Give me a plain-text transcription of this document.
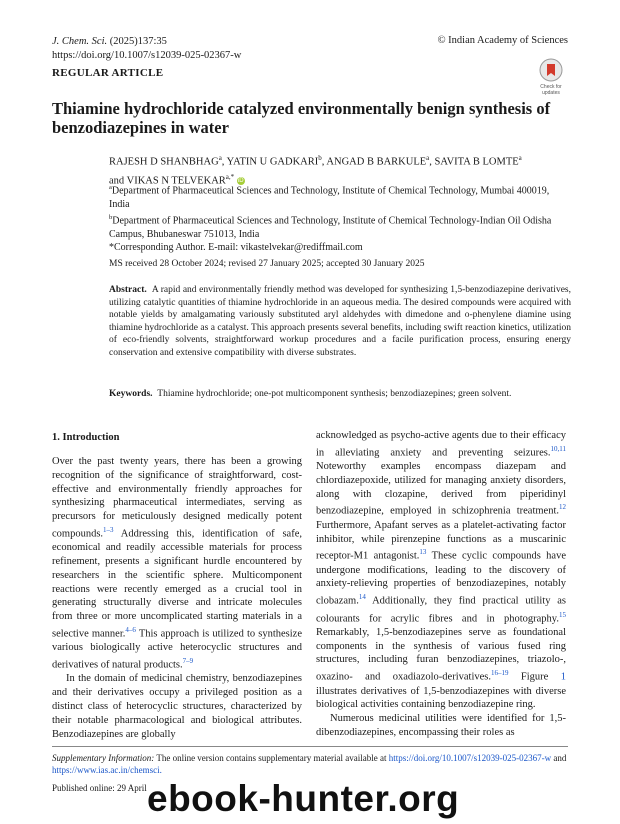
J. Chem. Sci. (2025)137:35
https://doi.org/10.1007/s12039-025-02367-w
© Indian Academy of Sciences
REGULAR ARTICLE
Check for updates
Thiamine hydrochloride catalyzed environmentally benign synthesis of benzodiazepines in water
RAJESH D SHANBHAG$^a$, YATIN U GADKARI$^b$, ANGAD B BARKULE$^a$, SAVITA B LOMTE$^a$
and VIKAS N $TELVEKAR^{a,*}$ iD
$^a$Department of Pharmaceutical Sciences and Technology, Institute of Chemical Technology, Mumbai 400019, India
$^b$Department of Pharmaceutical Sciences and Technology, Institute of Chemical Technology-Indian Oil Odisha Campus, Bhubaneswar 751013, India
*Corresponding Author. E-mail: vikastelvekar@rediffmail.com
MS received 28 October 2024; revised 27 January 2025; accepted 30 January 2025
Abstract. A rapid and environmentally friendly method was developed for synthesizing 1,5-benzodiazepine derivatives, utilizing catalytic quantities of thiamine hydrochloride in an aqueous media. The desired compounds were acquired with notable yields by amalgamating variously substituted aryl aldehydes with dimedone and o-phenylene diamine using thiamine hydrochloride as a catalyst. This approach presents several benefits, including swift reaction kinetics, utilization of eco-friendly solvents, straightforward workup procedures and a facile purification process, ensuring energy conservation and extensive compatibility with diverse substrates.
Keywords. Thiamine hydrochloride; one-pot multicomponent synthesis; benzodiazepines; green solvent.
1. Introduction

Over the past twenty years, there has been a growing recognition of the significance of straightforward, cost-effective and environmentally friendly approaches for synthesizing pharmaceutical intermediates, serving as precursors for meticulously designed medically potent compounds.$^{1-3}$ Addressing this, identification of safe, economical and readily accessible materials for process refinement, presents a significant hurdle encountered by researchers in the scientific sphere. Multicomponent reactions were recently emerged as a crucial tool in generating structurally diverse and intricate molecules from three or more uncomplicated starting materials in a selective manner.$^{4-6}$ This approach is utilized to synthesize various biologically active heterocyclic structures and derivatives of natural products.$^{7-9}$

In the domain of medicinal chemistry, benzodiazepines and their derivatives occupy a privileged position as a distinct class of heterocyclic structures, characterized by their notable pharmacological and biological attributes. Benzodiazepines are globally

acknowledged as psycho-active agents due to their efficacy in alleviating anxiety and preventing seizures.$^{10,11}$ Noteworthy examples encompass diazepam and chlordiazepoxide, utilized for managing anxiety disorders, along with clozapine, derived from piperidinyl benzodiazepine, employed in schizophrenia treatment.$^{12}$ Furthermore, Apafant serves as a platelet-activating factor inhibitor, while pirenzepine functions as a muscarinic receptor-M1 antagonist.$^{13}$ These cyclic compounds have undergone modifications, leading to the discovery of anxiety-relieving properties of benzodiazepines, notably clobazam.$^{14}$ Additionally, they find practical utility as colourants for acrylic fibres and in photography.$^{15}$ Remarkably, 1,5-benzodiazepines serve as foundational components in the synthesis of various fused ring structures, including furan benzodiazepines, triazolo-, oxazino- and oxadiazolo-derivatives.$^{16-19}$ Figure 1 illustrates derivatives of 1,5-benzodiazepines with diverse biological activities containing benzodiazepine ring.

Numerous medicinal utilities were identified for 1,5-dibenzodiazepines, encompassing their roles as

Supplementary Information: The online version contains supplementary material available at https://doi.org/10.1007/s12039-025-02367-w and https://www.ias.ac.in/chemsci.
Published online: 29 April ebook-hunter.org
